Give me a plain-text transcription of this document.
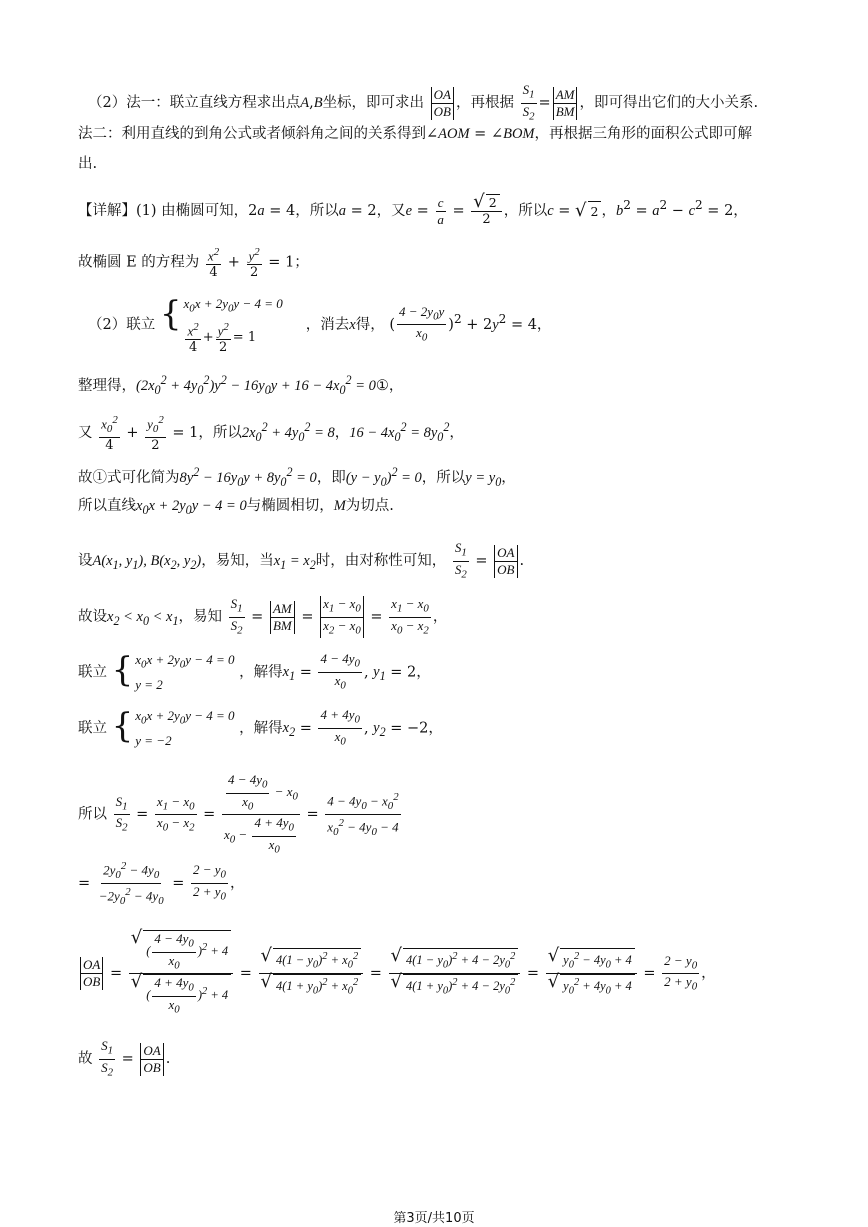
（2）法一：联立直线方程求出点A,B坐标，即可求出 $\frac{OA}{OB}$ ，再根据 $\frac{S_1}{S_2} = \frac{AM}{BM}$ ，即可得出它们的大小关系.
法二：利用直线的到角公式或者倾斜角之间的关系得到∠AOM = ∠BOM，再根据三角形的面积公式即可解
出.
【详解】(1) 由椭圆可知，2a = 4，所以a = 2，又$e = \frac{c}{a} = \frac{√ 2}{2}$ ，所以c = √ 2 ，$b^2 = a^2 - c^2 = 2$，
故椭圆 E 的方程为 $\frac{x^2}{4} + \frac{y^2}{2} = 1$；
（2）联立 { $x_0x + 2y_0y - 4 = 0$
$\frac{x^2}{4} + \frac{y^2}{2} = 1$
，消去x得， ( $\frac{4 - 2y_0y}{x_0} )^2 + 2y^2 = 4$，
整理得，$(2x_0^2 + 4y_0^2)y^2 - 16y_0y + 16 - 4x_0^2$ = 0①，
又 $\frac{x_0^2}{4} + \frac{y_0^2}{2} = 1$，所以$2x_0^2 + 4y_0^2 = 8$，$16 - 4x_0^2 = 8y_0^2$，
故①式可化简为$8y^2 - 16y_0y + 8y_0^2 = 0$，即$(y - y_0)^2 = 0$，所以$y = y_0$，
所以直线$x_0x + 2y_0y - 4 = 0$与椭圆相切，M为切点.
设$A(x_1$, $y_1$), $B(x_2$, $y_2$)，易知，当$x_1 = x_2$时，由对称性可知， $\frac{S_1}{S_2} = \frac{OA}{OB}$ .
故设$x_2 < x_0 < x_1$，易知 $\frac{S_1}{S_2} = \frac{AM}{BM} = \frac{x_1 - x_0}{x_2 - x_0} = \frac{x_1 - x_0}{x_0 - x_2}$ ，
联立 { $x_0x + 2y_0y - 4 = 0$
y = 2
，解得$x_1 = \frac{4 - 4y_0}{x_0}$ , $y_1 = 2$，
联立 { $x_0x + 2y_0y - 4 = 0$
y = −2
，解得$x_2 = \frac{4 + 4y_0}{x_0}$ , $y_2 = -2$，
所以 $\frac{S_1}{S_2} = \frac{x_1 - x_0}{x_0 - x_2} = \frac{\frac{4 - 4y_0}{x_0} - x_0}{x_0 - \frac{4 + 4y_0}{x_0}} = \frac{4 - 4y_0 - x_0^2}{x_0^2 - 4y_0 - 4}$
= $\frac{2y_0^2 - 4y_0}{-2y_0^2 - 4y_0} = \frac{2 - y_0}{2 + y_0}$ ，
$\frac{OA}{OB}$ = √
( $\frac{4 - 4y_0}{x_0} )^2 + 4$
√
( $\frac{4 + 4y_0}{x_0} )^2 + 4 = \frac{√ 4(1 - y_0)^2 + x_0^2}{√ 4(1 + y_0)^2 + x_0^2} = \frac{√ 4(1 - y_0)^2 + 4 - 2y_0^2}{√ 4(1 + y_0)^2 + 4 - 2y_0^2} = \frac{√ y_0^2 - 4y_0 + 4}{√ y_0^2 + 4y_0 + 4} = \frac{2 - y_0}{2 + y_0}$ ，
故 $\frac{S_1}{S_2} = \frac{OA}{OB}$ .
第3页/共10页
